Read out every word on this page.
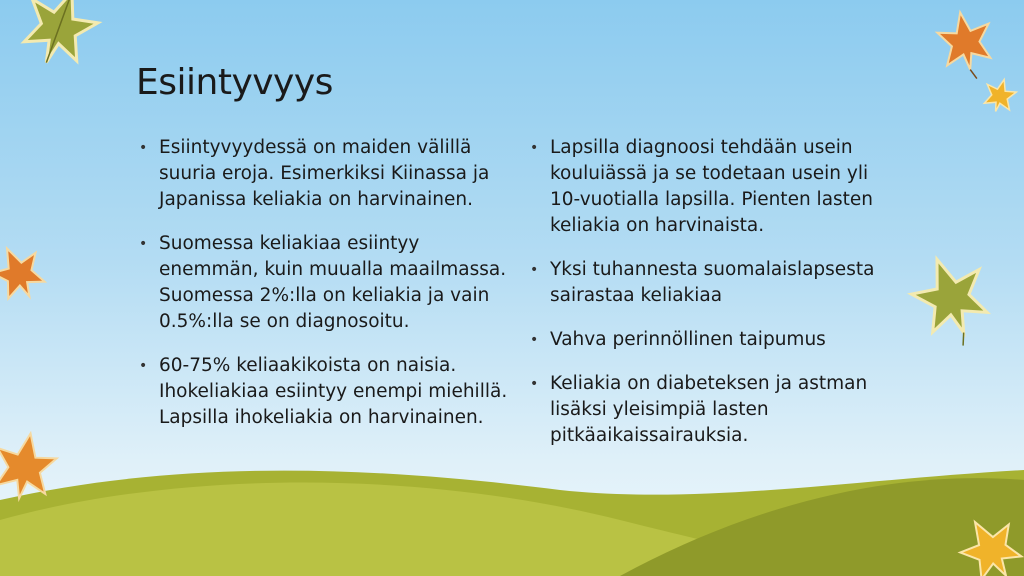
Esiintyvyys
• Esiintyvyydessä on maiden välillä suuria eroja. Esimerkiksi Kiinassa ja Japanissa keliakia on harvinainen.
• Suomessa keliakiaa esiintyy enemmän, kuin muualla maailmassa. Suomessa 2%:lla on keliakia ja vain 0.5%:lla se on diagnosoitu.
• 60-75% keliaakikoista on naisia. Ihokeliakiaa esiintyy enempi miehillä. Lapsilla ihokeliakia on harvinainen.
• Lapsilla diagnoosi tehdään usein kouluiässä ja se todetaan usein yli 10-vuotialla lapsilla. Pienten lasten keliakia on harvinaista.
• Yksi tuhannesta suomalaislapsesta sairastaa keliakiaa
• Vahva perinnöllinen taipumus
• Keliakia on diabeteksen ja astman lisäksi yleisimpiä lasten pitkäaikaissairauksia.
